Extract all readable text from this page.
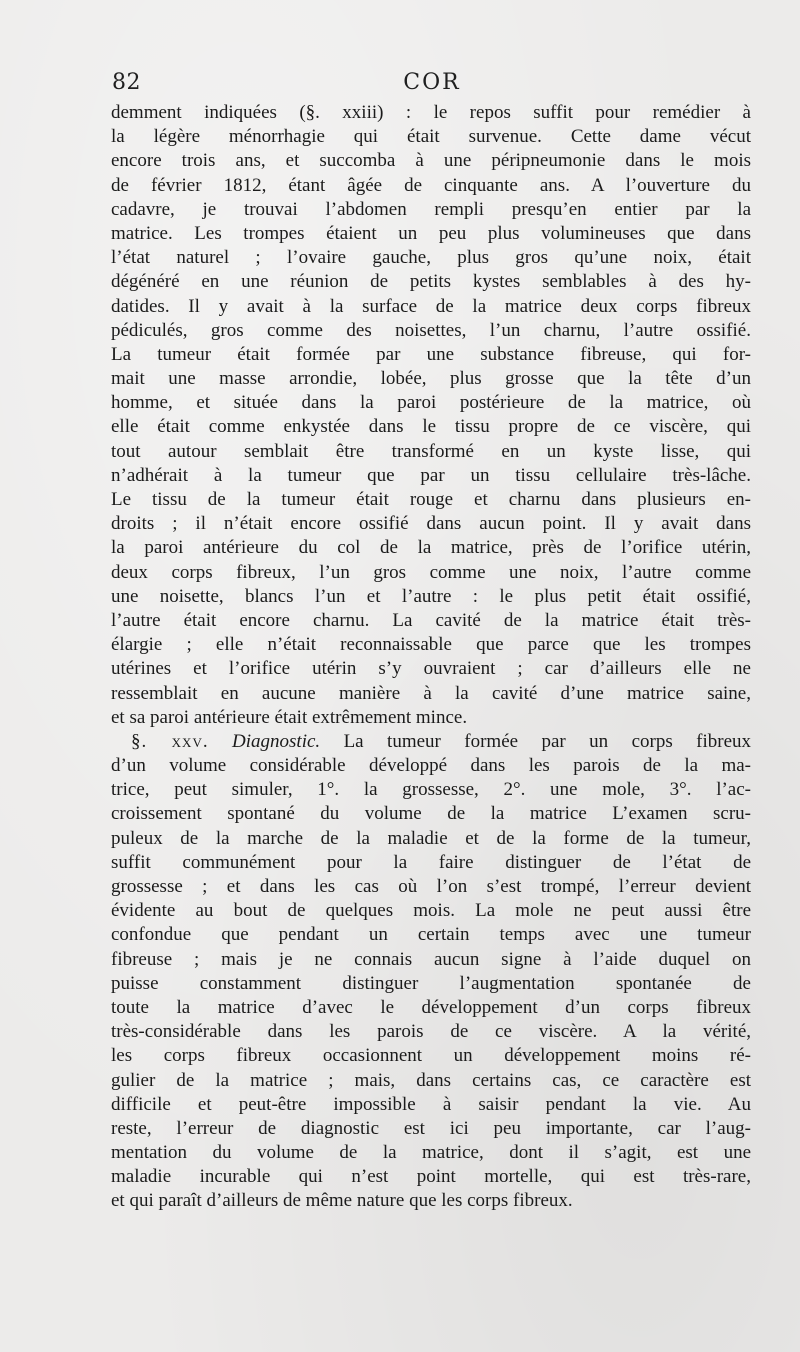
82	COR
demment indiquées (§. xxiii) : le repos suffit pour remédier à
la légère ménorrhagie qui était survenue. Cette dame vécut
encore trois ans, et succomba à une péripneumonie dans le mois
de février 1812, étant âgée de cinquante ans. A l’ouverture du
cadavre, je trouvai l’abdomen rempli presqu’en entier par la
matrice. Les trompes étaient un peu plus volumineuses que dans
l’état naturel ; l’ovaire gauche, plus gros qu’une noix, était
dégénéré en une réunion de petits kystes semblables à des hy-
datides. Il y avait à la surface de la matrice deux corps fibreux
pédiculés, gros comme des noisettes, l’un charnu, l’autre ossifié.
La tumeur était formée par une substance fibreuse, qui for-
mait une masse arrondie, lobée, plus grosse que la tête d’un
homme, et située dans la paroi postérieure de la matrice, où
elle était comme enkystée dans le tissu propre de ce viscère, qui
tout autour semblait être transformé en un kyste lisse, qui
n’adhérait à la tumeur que par un tissu cellulaire très-lâche.
Le tissu de la tumeur était rouge et charnu dans plusieurs en-
droits ; il n’était encore ossifié dans aucun point. Il y avait dans
la paroi antérieure du col de la matrice, près de l’orifice utérin,
deux corps fibreux, l’un gros comme une noix, l’autre comme
une noisette, blancs l’un et l’autre : le plus petit était ossifié,
l’autre était encore charnu. La cavité de la matrice était très-
élargie ; elle n’était reconnaissable que parce que les trompes
utérines et l’orifice utérin s’y ouvraient ; car d’ailleurs elle ne
ressemblait en aucune manière à la cavité d’une matrice saine,
et sa paroi antérieure était extrêmement mince.
§. xxv. Diagnostic. La tumeur formée par un corps fibreux
d’un volume considérable développé dans les parois de la ma-
trice, peut simuler, 1°. la grossesse, 2°. une mole, 3°. l’ac-
croissement spontané du volume de la matrice L’examen scru-
puleux de la marche de la maladie et de la forme de la tumeur,
suffit communément pour la faire distinguer de l’état de
grossesse ; et dans les cas où l’on s’est trompé, l’erreur devient
évidente au bout de quelques mois. La mole ne peut aussi être
confondue que pendant un certain temps avec une tumeur
fibreuse ; mais je ne connais aucun signe à l’aide duquel on
puisse constamment distinguer l’augmentation spontanée de
toute la matrice d’avec le développement d’un corps fibreux
très-considérable dans les parois de ce viscère. A la vérité,
les corps fibreux occasionnent un développement moins ré-
gulier de la matrice ; mais, dans certains cas, ce caractère est
difficile et peut-être impossible à saisir pendant la vie. Au
reste, l’erreur de diagnostic est ici peu importante, car l’aug-
mentation du volume de la matrice, dont il s’agit, est une
maladie incurable qui n’est point mortelle, qui est très-rare,
et qui paraît d’ailleurs de même nature que les corps fibreux.
